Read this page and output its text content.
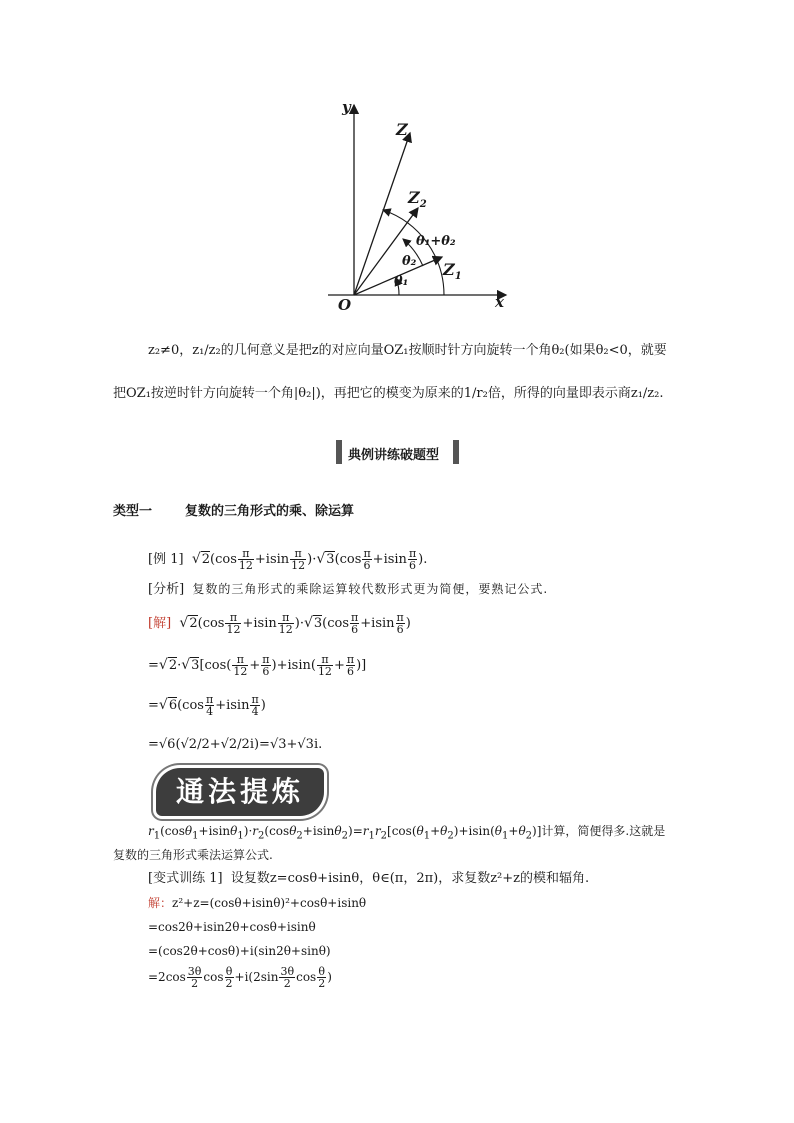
y
x
O
Z
$Z_2$
$Z_1$
θ₁+θ₂
θ₂
θ₁
z₂≠0，z₁/z₂的几何意义是把z的对应向量OZ₁按顺时针方向旋转一个角θ₂(如果θ₂<0，就要
把OZ₁按逆时针方向旋转一个角|θ₂|)，再把它的模变为原来的1/r₂倍，所得的向量即表示商z₁/z₂.
典例讲练破题型
类型一	复数的三角形式的乘、除运算
[例 1] $√2(\cos \frac{\pi}{12} +isin \frac{\pi}{12} )\cdot√3(\cos \frac{\pi}{6} +isin \frac{\pi}{6}$ ).
[分析] 复数的三角形式的乘除运算较代数形式更为简便，要熟记公式.
[解] $√2(\cos \frac{\pi}{12} +isin \frac{\pi}{12} )\cdot√3(\cos \frac{\pi}{6} +isin \frac{\pi}{6}$ )
$=√2\cdot√3[\cos( \frac{\pi}{12} + \frac{\pi}{6} )+isin( \frac{\pi}{12} + \frac{\pi}{6}$ )]
$=√6(\cos \frac{\pi}{4} +isin \frac{\pi}{4}$ )
=√6(√2/2+√2/2i)=√3+√3i.
通法提炼
$r_1(\cos\theta_1+isin\theta_1)\cdot r_2(\cos\theta_2+isin\theta_2)=r_1r_2[\cos(\theta_1+\theta_2)+isin(\theta_1+\theta_2)]$计算，简便得多.这就是
复数的三角形式乘法运算公式.
[变式训练 1] 设复数z=cosθ+isinθ，θ∈(π，2π)，求复数z²+z的模和辐角.
解：z²+z=(cosθ+isinθ)²+cosθ+isinθ
=cos2θ+isin2θ+cosθ+isinθ
=(cos2θ+cosθ)+i(sin2θ+sinθ)
$=2\cos \frac{3\theta}{2}$ $\cos \frac{\theta}{2} +i(2\sin \frac{3\theta}{2}$ $\cos \frac{\theta}{2}$ )
